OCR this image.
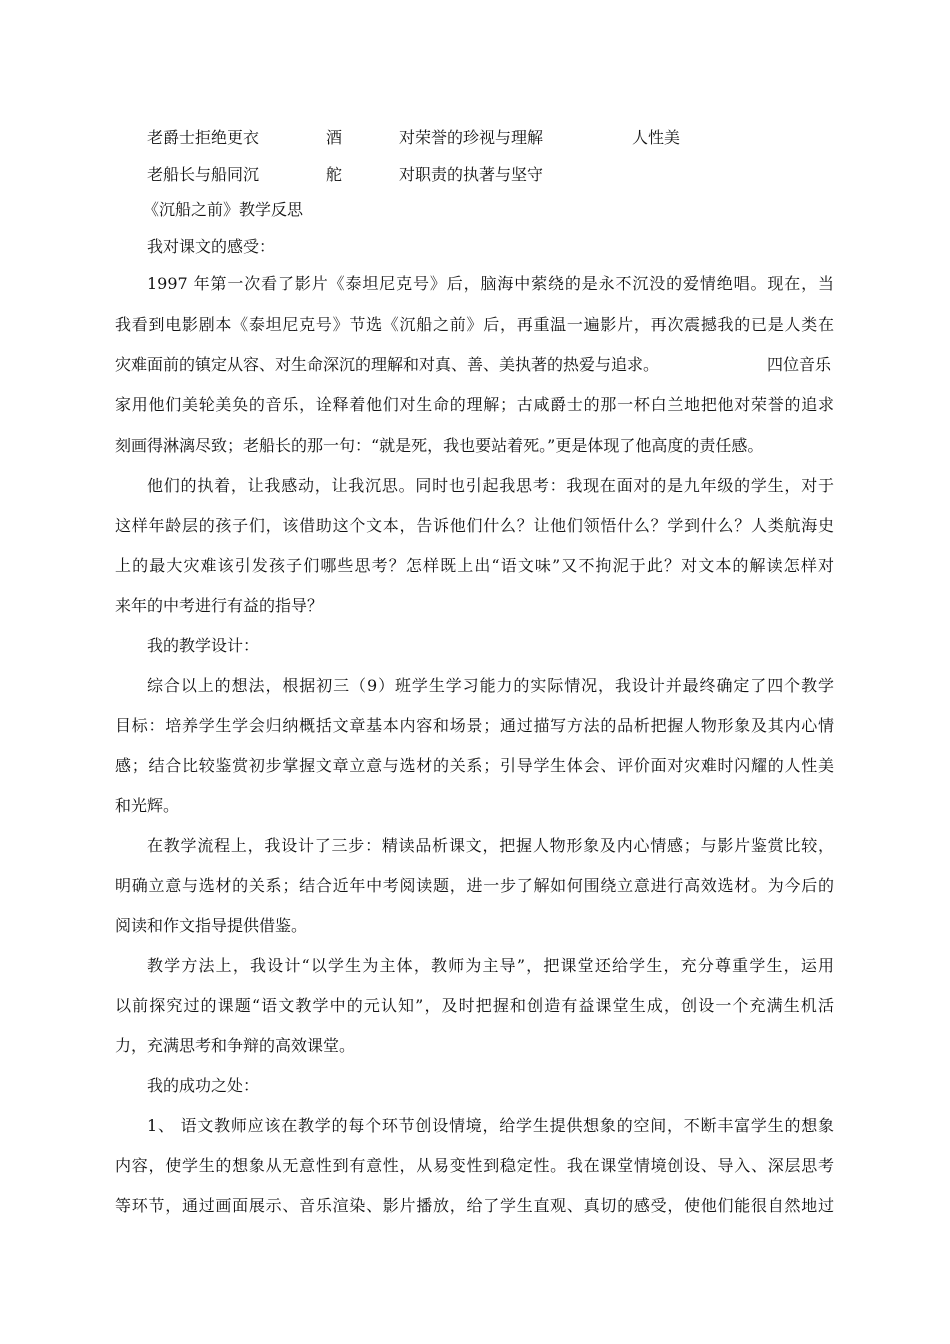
老爵士拒绝更衣	酒	对荣誉的珍视与理解	人性美
老船长与船同沉	舵	对职责的执著与坚守
《沉船之前》教学反思
我对课文的感受：
1997 年第一次看了影片《泰坦尼克号》后，脑海中萦绕的是永不沉没的爱情绝唱。现在，当
我看到电影剧本《泰坦尼克号》节选《沉船之前》后，再重温一遍影片，再次震撼我的已是人类在
灾难面前的镇定从容、对生命深沉的理解和对真、善、美执著的热爱与追求。	四位音乐
家用他们美轮美奂的音乐，诠释着他们对生命的理解；古咸爵士的那一杯白兰地把他对荣誉的追求
刻画得淋漓尽致；老船长的那一句：“就是死，我也要站着死。”更是体现了他高度的责任感。
他们的执着，让我感动，让我沉思。同时也引起我思考：我现在面对的是九年级的学生，对于
这样年龄层的孩子们，该借助这个文本，告诉他们什么？让他们领悟什么？学到什么？人类航海史
上的最大灾难该引发孩子们哪些思考？怎样既上出“语文味”又不拘泥于此？对文本的解读怎样对
来年的中考进行有益的指导？
我的教学设计：
综合以上的想法，根据初三（9）班学生学习能力的实际情况，我设计并最终确定了四个教学
目标：培养学生学会归纳概括文章基本内容和场景；通过描写方法的品析把握人物形象及其内心情
感；结合比较鉴赏初步掌握文章立意与选材的关系；引导学生体会、评价面对灾难时闪耀的人性美
和光辉。
在教学流程上，我设计了三步：精读品析课文，把握人物形象及内心情感；与影片鉴赏比较，
明确立意与选材的关系；结合近年中考阅读题，进一步了解如何围绕立意进行高效选材。为今后的
阅读和作文指导提供借鉴。
教学方法上，我设计“以学生为主体，教师为主导”，把课堂还给学生，充分尊重学生，运用
以前探究过的课题“语文教学中的元认知”，及时把握和创造有益课堂生成，创设一个充满生机活
力，充满思考和争辩的高效课堂。
我的成功之处：
1、 语文教师应该在教学的每个环节创设情境，给学生提供想象的空间，不断丰富学生的想象
内容，使学生的想象从无意性到有意性，从易变性到稳定性。我在课堂情境创设、导入、深层思考
等环节，通过画面展示、音乐渲染、影片播放，给了学生直观、真切的感受，使他们能很自然地过
